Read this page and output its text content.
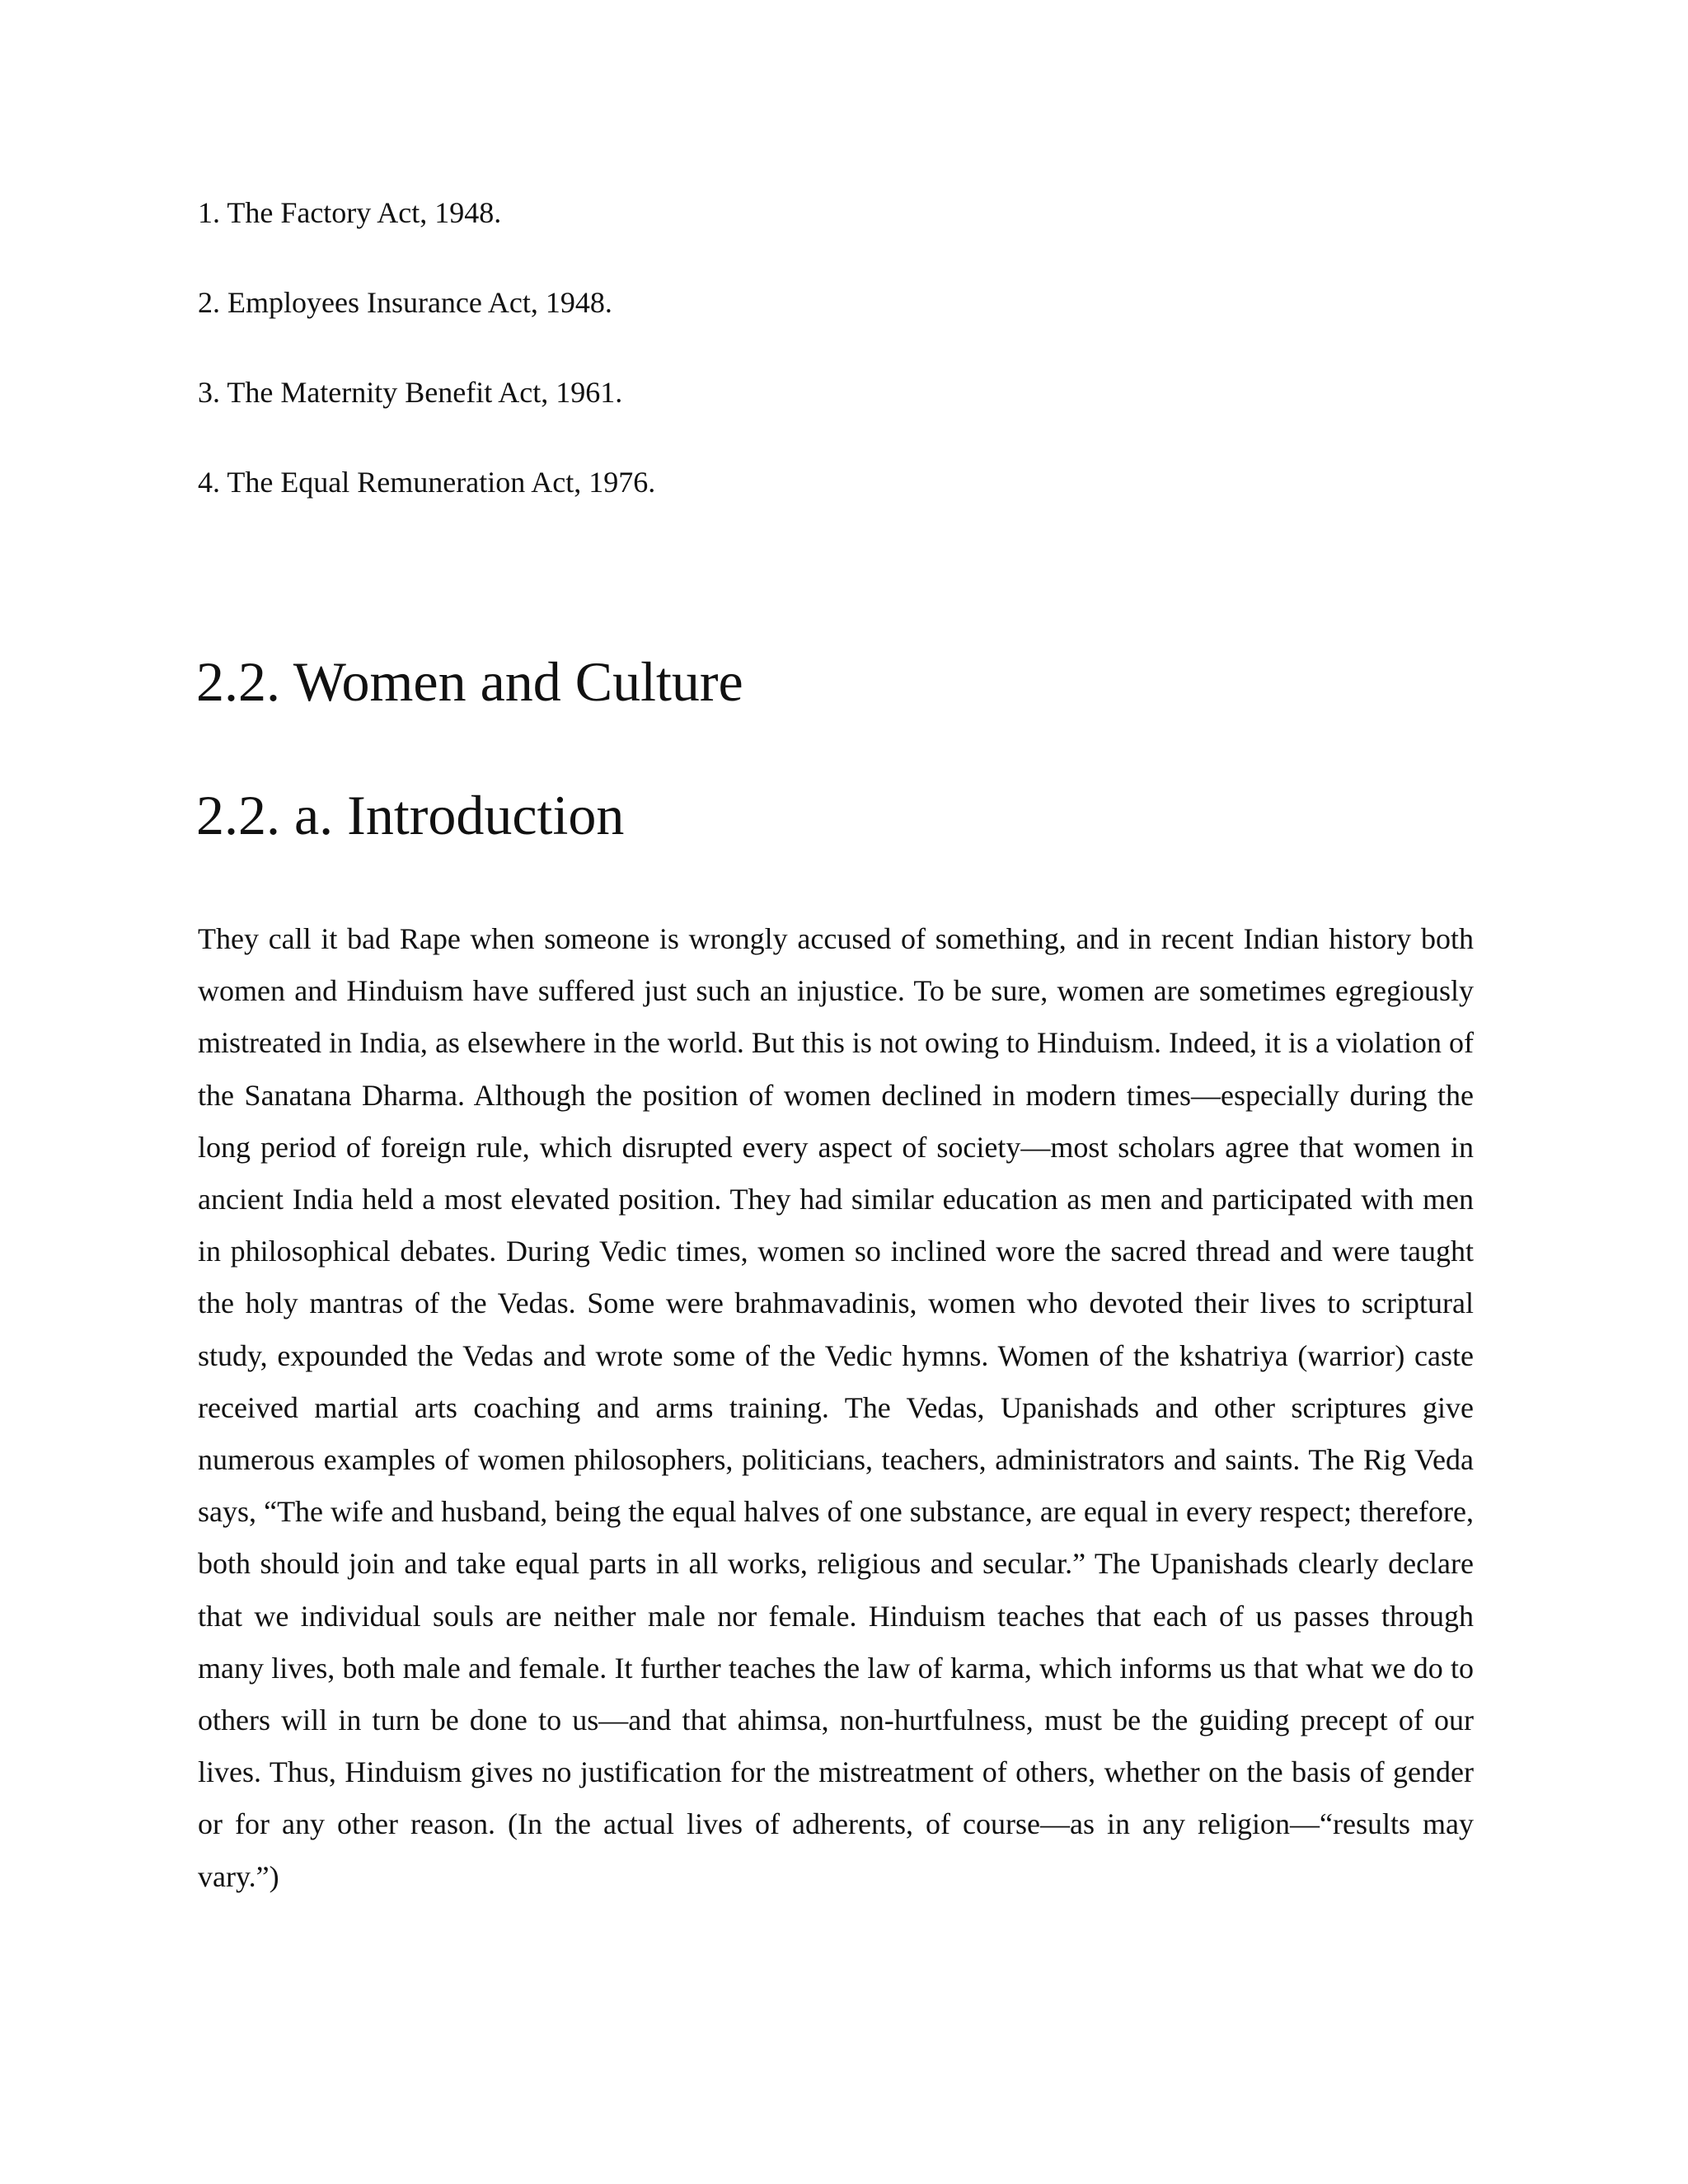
1. The Factory Act, 1948.
2. Employees Insurance Act, 1948.
3. The Maternity Benefit Act, 1961.
4. The Equal Remuneration Act, 1976.
2.2. Women and Culture
2.2. a. Introduction

They call it bad Rape when someone is wrongly accused of something, and in recent Indian history both women and Hinduism have suffered just such an injustice. To be sure, women are sometimes egregiously mistreated in India, as elsewhere in the world. But this is not owing to Hinduism. Indeed, it is a violation of the Sanatana Dharma. Although the position of women declined in modern times—especially during the long period of foreign rule, which disrupted every aspect of society—most scholars agree that women in ancient India held a most elevated position. They had similar education as men and participated with men in philosophical debates. During Vedic times, women so inclined wore the sacred thread and were taught the holy mantras of the Vedas. Some were brahmavadinis, women who devoted their lives to scriptural study, expounded the Vedas and wrote some of the Vedic hymns. Women of the kshatriya (warrior) caste received martial arts coaching and arms training. The Vedas, Upanishads and other scriptures give numerous examples of women philosophers, politicians, teachers, administrators and saints. The Rig Veda says, “The wife and husband, being the equal halves of one substance, are equal in every respect; therefore, both should join and take equal parts in all works, religious and secular.” The Upanishads clearly declare that we individual souls are neither male nor female. Hinduism teaches that each of us passes through many lives, both male and female. It further teaches the law of karma, which informs us that what we do to others will in turn be done to us—and that ahimsa, non-hurtfulness, must be the guiding precept of our lives. Thus, Hinduism gives no justification for the mistreatment of others, whether on the basis of gender or for any other reason. (In the actual lives of adherents, of course—as in any religion—“results may vary.”)
